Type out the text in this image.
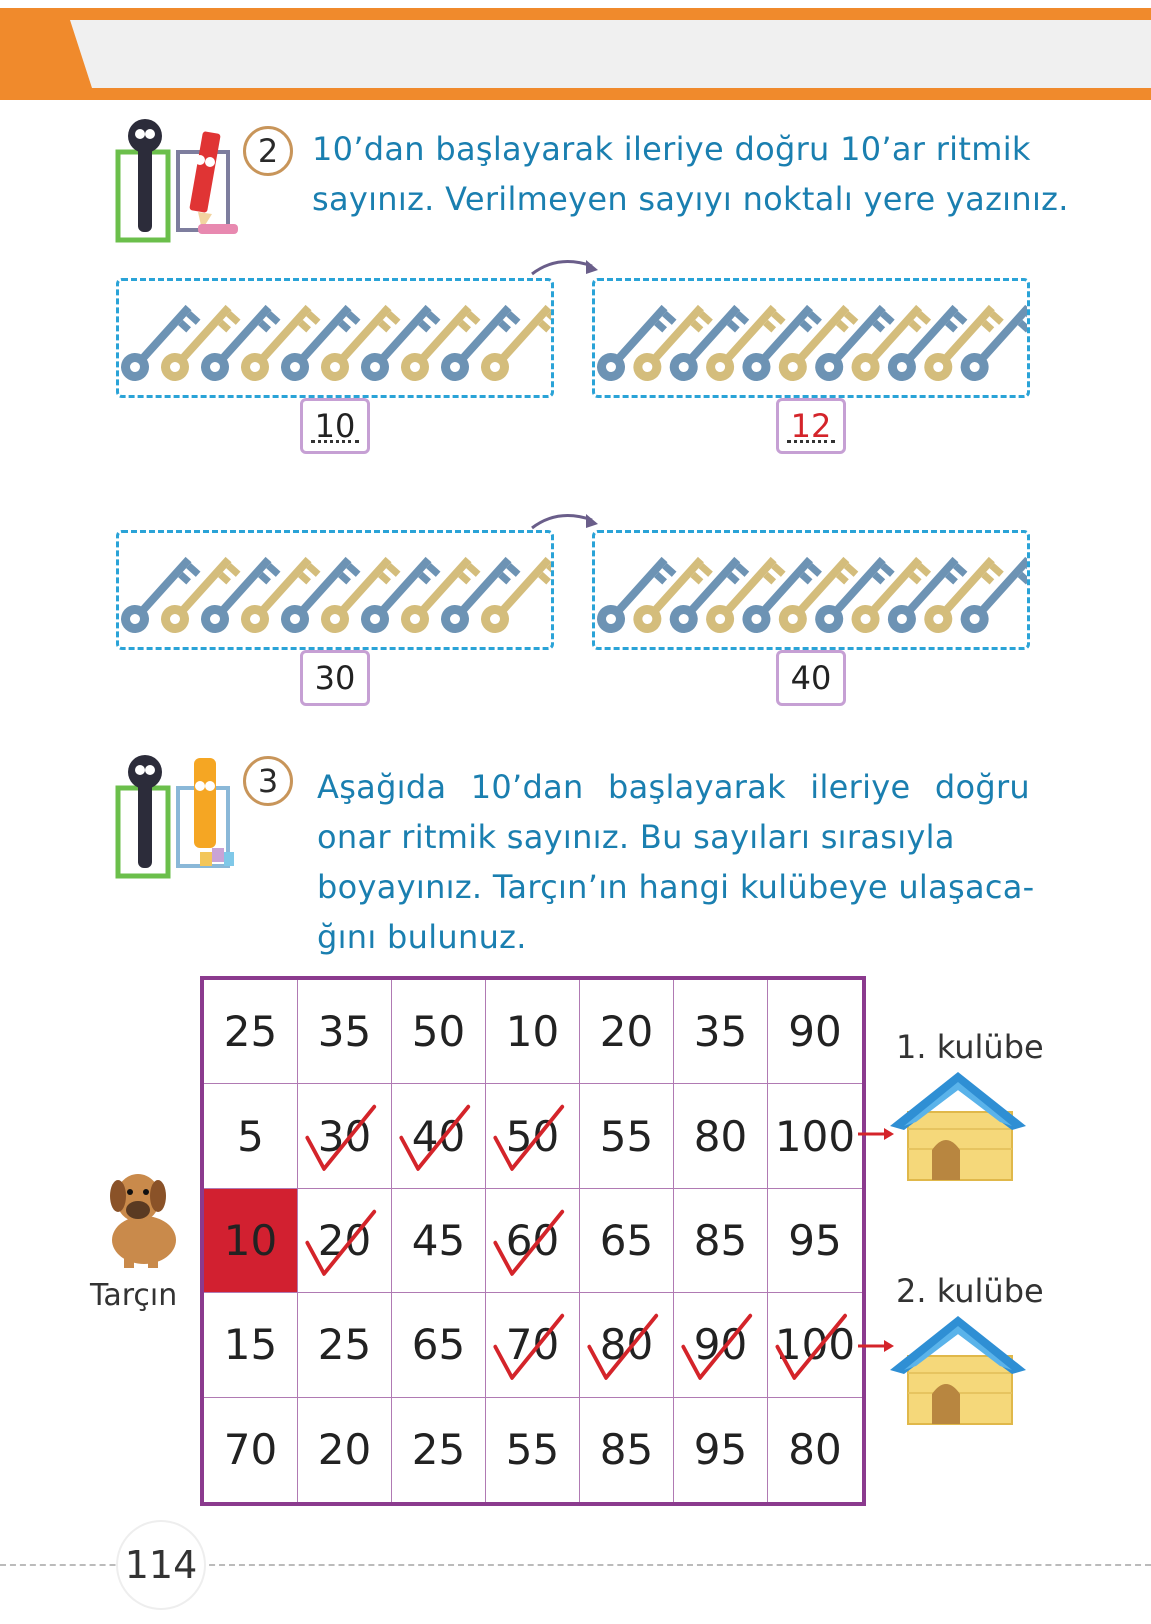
2	10’dan başlayarak ileriye doğru 10’ar ritmik
sayınız. Verilmeyen sayıyı noktalı yere yazınız.
10	12
30	40
3	Aşağıda 10’dan başlayarak ileriye doğru
onar ritmik sayınız. Bu sayıları sırasıyla
boyayınız. Tarçın’ın hangi kulübeye ulaşaca-
ğını bulunuz.
25 35 50 10 20 35 90
5 30 40 50 55 80 100
10 20 45 60 65 85 95
15 25 65 70 80 90 100
70 20 25 55 85 95 80
Tarçın
1. kulübe
2. kulübe
114
